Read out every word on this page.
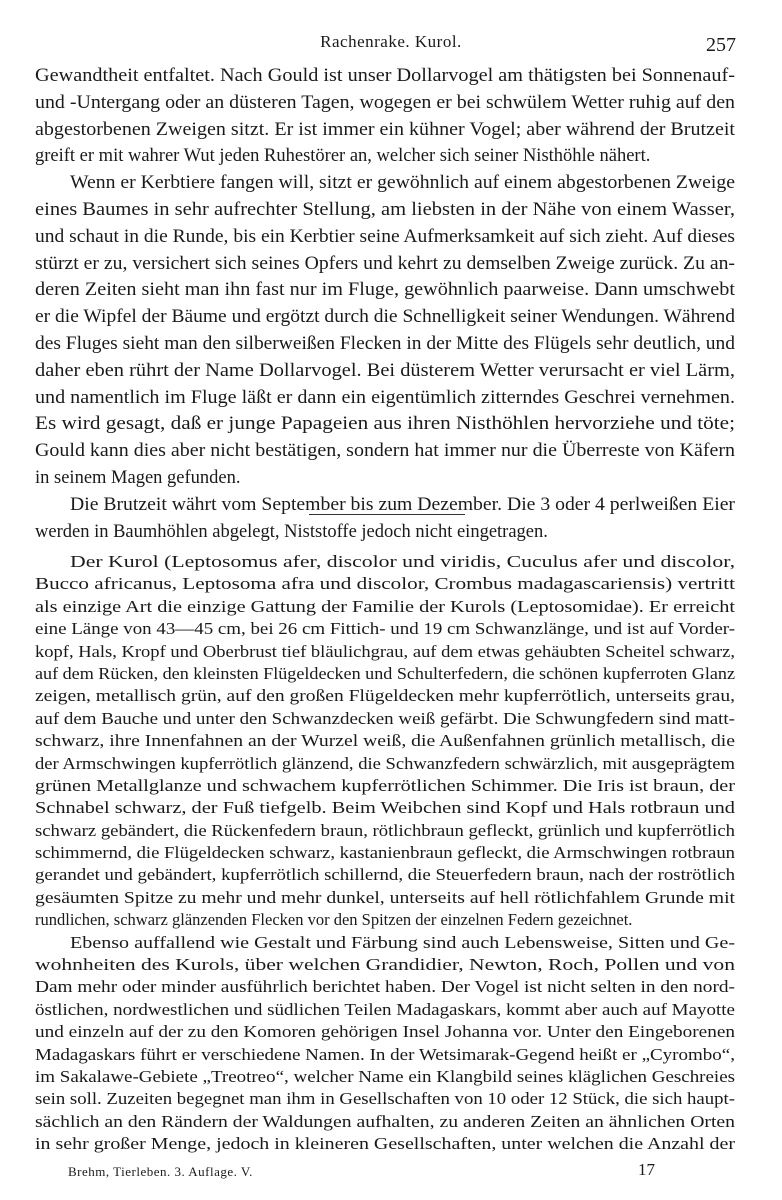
Rachenrake. Kurol.	257
Gewandtheit entfaltet. Nach Gould ist unser Dollarvogel am thätigsten bei Sonnenauf-
und -Untergang oder an düsteren Tagen, wogegen er bei schwülem Wetter ruhig auf den
abgestorbenen Zweigen sitzt. Er ist immer ein kühner Vogel; aber während der Brutzeit
greift er mit wahrer Wut jeden Ruhestörer an, welcher sich seiner Nisthöhle nähert.
Wenn er Kerbtiere fangen will, sitzt er gewöhnlich auf einem abgestorbenen Zweige
eines Baumes in sehr aufrechter Stellung, am liebsten in der Nähe von einem Wasser,
und schaut in die Runde, bis ein Kerbtier seine Aufmerksamkeit auf sich zieht. Auf dieses
stürzt er zu, versichert sich seines Opfers und kehrt zu demselben Zweige zurück. Zu an-
deren Zeiten sieht man ihn fast nur im Fluge, gewöhnlich paarweise. Dann umschwebt
er die Wipfel der Bäume und ergötzt durch die Schnelligkeit seiner Wendungen. Während
des Fluges sieht man den silberweißen Flecken in der Mitte des Flügels sehr deutlich, und
daher eben rührt der Name Dollarvogel. Bei düsterem Wetter verursacht er viel Lärm,
und namentlich im Fluge läßt er dann ein eigentümlich zitterndes Geschrei vernehmen.
Es wird gesagt, daß er junge Papageien aus ihren Nisthöhlen hervorziehe und töte;
Gould kann dies aber nicht bestätigen, sondern hat immer nur die Überreste von Käfern
in seinem Magen gefunden.
Die Brutzeit währt vom September bis zum Dezember. Die 3 oder 4 perlweißen Eier
werden in Baumhöhlen abgelegt, Niststoffe jedoch nicht eingetragen.
Der Kurol (Leptosomus afer, discolor und viridis, Cuculus afer und discolor,
Bucco africanus, Leptosoma afra und discolor, Crombus madagascariensis) vertritt
als einzige Art die einzige Gattung der Familie der Kurols (Leptosomidae). Er erreicht
eine Länge von 43—45 cm, bei 26 cm Fittich- und 19 cm Schwanzlänge, und ist auf Vorder-
kopf, Hals, Kropf und Oberbrust tief bläulichgrau, auf dem etwas gehäubten Scheitel schwarz,
auf dem Rücken, den kleinsten Flügeldecken und Schulterfedern, die schönen kupferroten Glanz
zeigen, metallisch grün, auf den großen Flügeldecken mehr kupferrötlich, unterseits grau,
auf dem Bauche und unter den Schwanzdecken weiß gefärbt. Die Schwungfedern sind matt-
schwarz, ihre Innenfahnen an der Wurzel weiß, die Außenfahnen grünlich metallisch, die
der Armschwingen kupferrötlich glänzend, die Schwanzfedern schwärzlich, mit ausgeprägtem
grünen Metallglanze und schwachem kupferrötlichen Schimmer. Die Iris ist braun, der
Schnabel schwarz, der Fuß tiefgelb. Beim Weibchen sind Kopf und Hals rotbraun und
schwarz gebändert, die Rückenfedern braun, rötlichbraun gefleckt, grünlich und kupferrötlich
schimmernd, die Flügeldecken schwarz, kastanienbraun gefleckt, die Armschwingen rotbraun
gerandet und gebändert, kupferrötlich schillernd, die Steuerfedern braun, nach der roströtlich
gesäumten Spitze zu mehr und mehr dunkel, unterseits auf hell rötlichfahlem Grunde mit
rundlichen, schwarz glänzenden Flecken vor den Spitzen der einzelnen Federn gezeichnet.
Ebenso auffallend wie Gestalt und Färbung sind auch Lebensweise, Sitten und Ge-
wohnheiten des Kurols, über welchen Grandidier, Newton, Roch, Pollen und von
Dam mehr oder minder ausführlich berichtet haben. Der Vogel ist nicht selten in den nord-
östlichen, nordwestlichen und südlichen Teilen Madagaskars, kommt aber auch auf Mayotte
und einzeln auf der zu den Komoren gehörigen Insel Johanna vor. Unter den Eingeborenen
Madagaskars führt er verschiedene Namen. In der Wetsimarak-Gegend heißt er „Cyrombo“,
im Sakalawe-Gebiete „Treotreo“, welcher Name ein Klangbild seines kläglichen Geschreies
sein soll. Zuzeiten begegnet man ihm in Gesellschaften von 10 oder 12 Stück, die sich haupt-
sächlich an den Rändern der Waldungen aufhalten, zu anderen Zeiten an ähnlichen Orten
in sehr großer Menge, jedoch in kleineren Gesellschaften, unter welchen die Anzahl der
Brehm, Tierleben. 3. Auflage. V.	17
